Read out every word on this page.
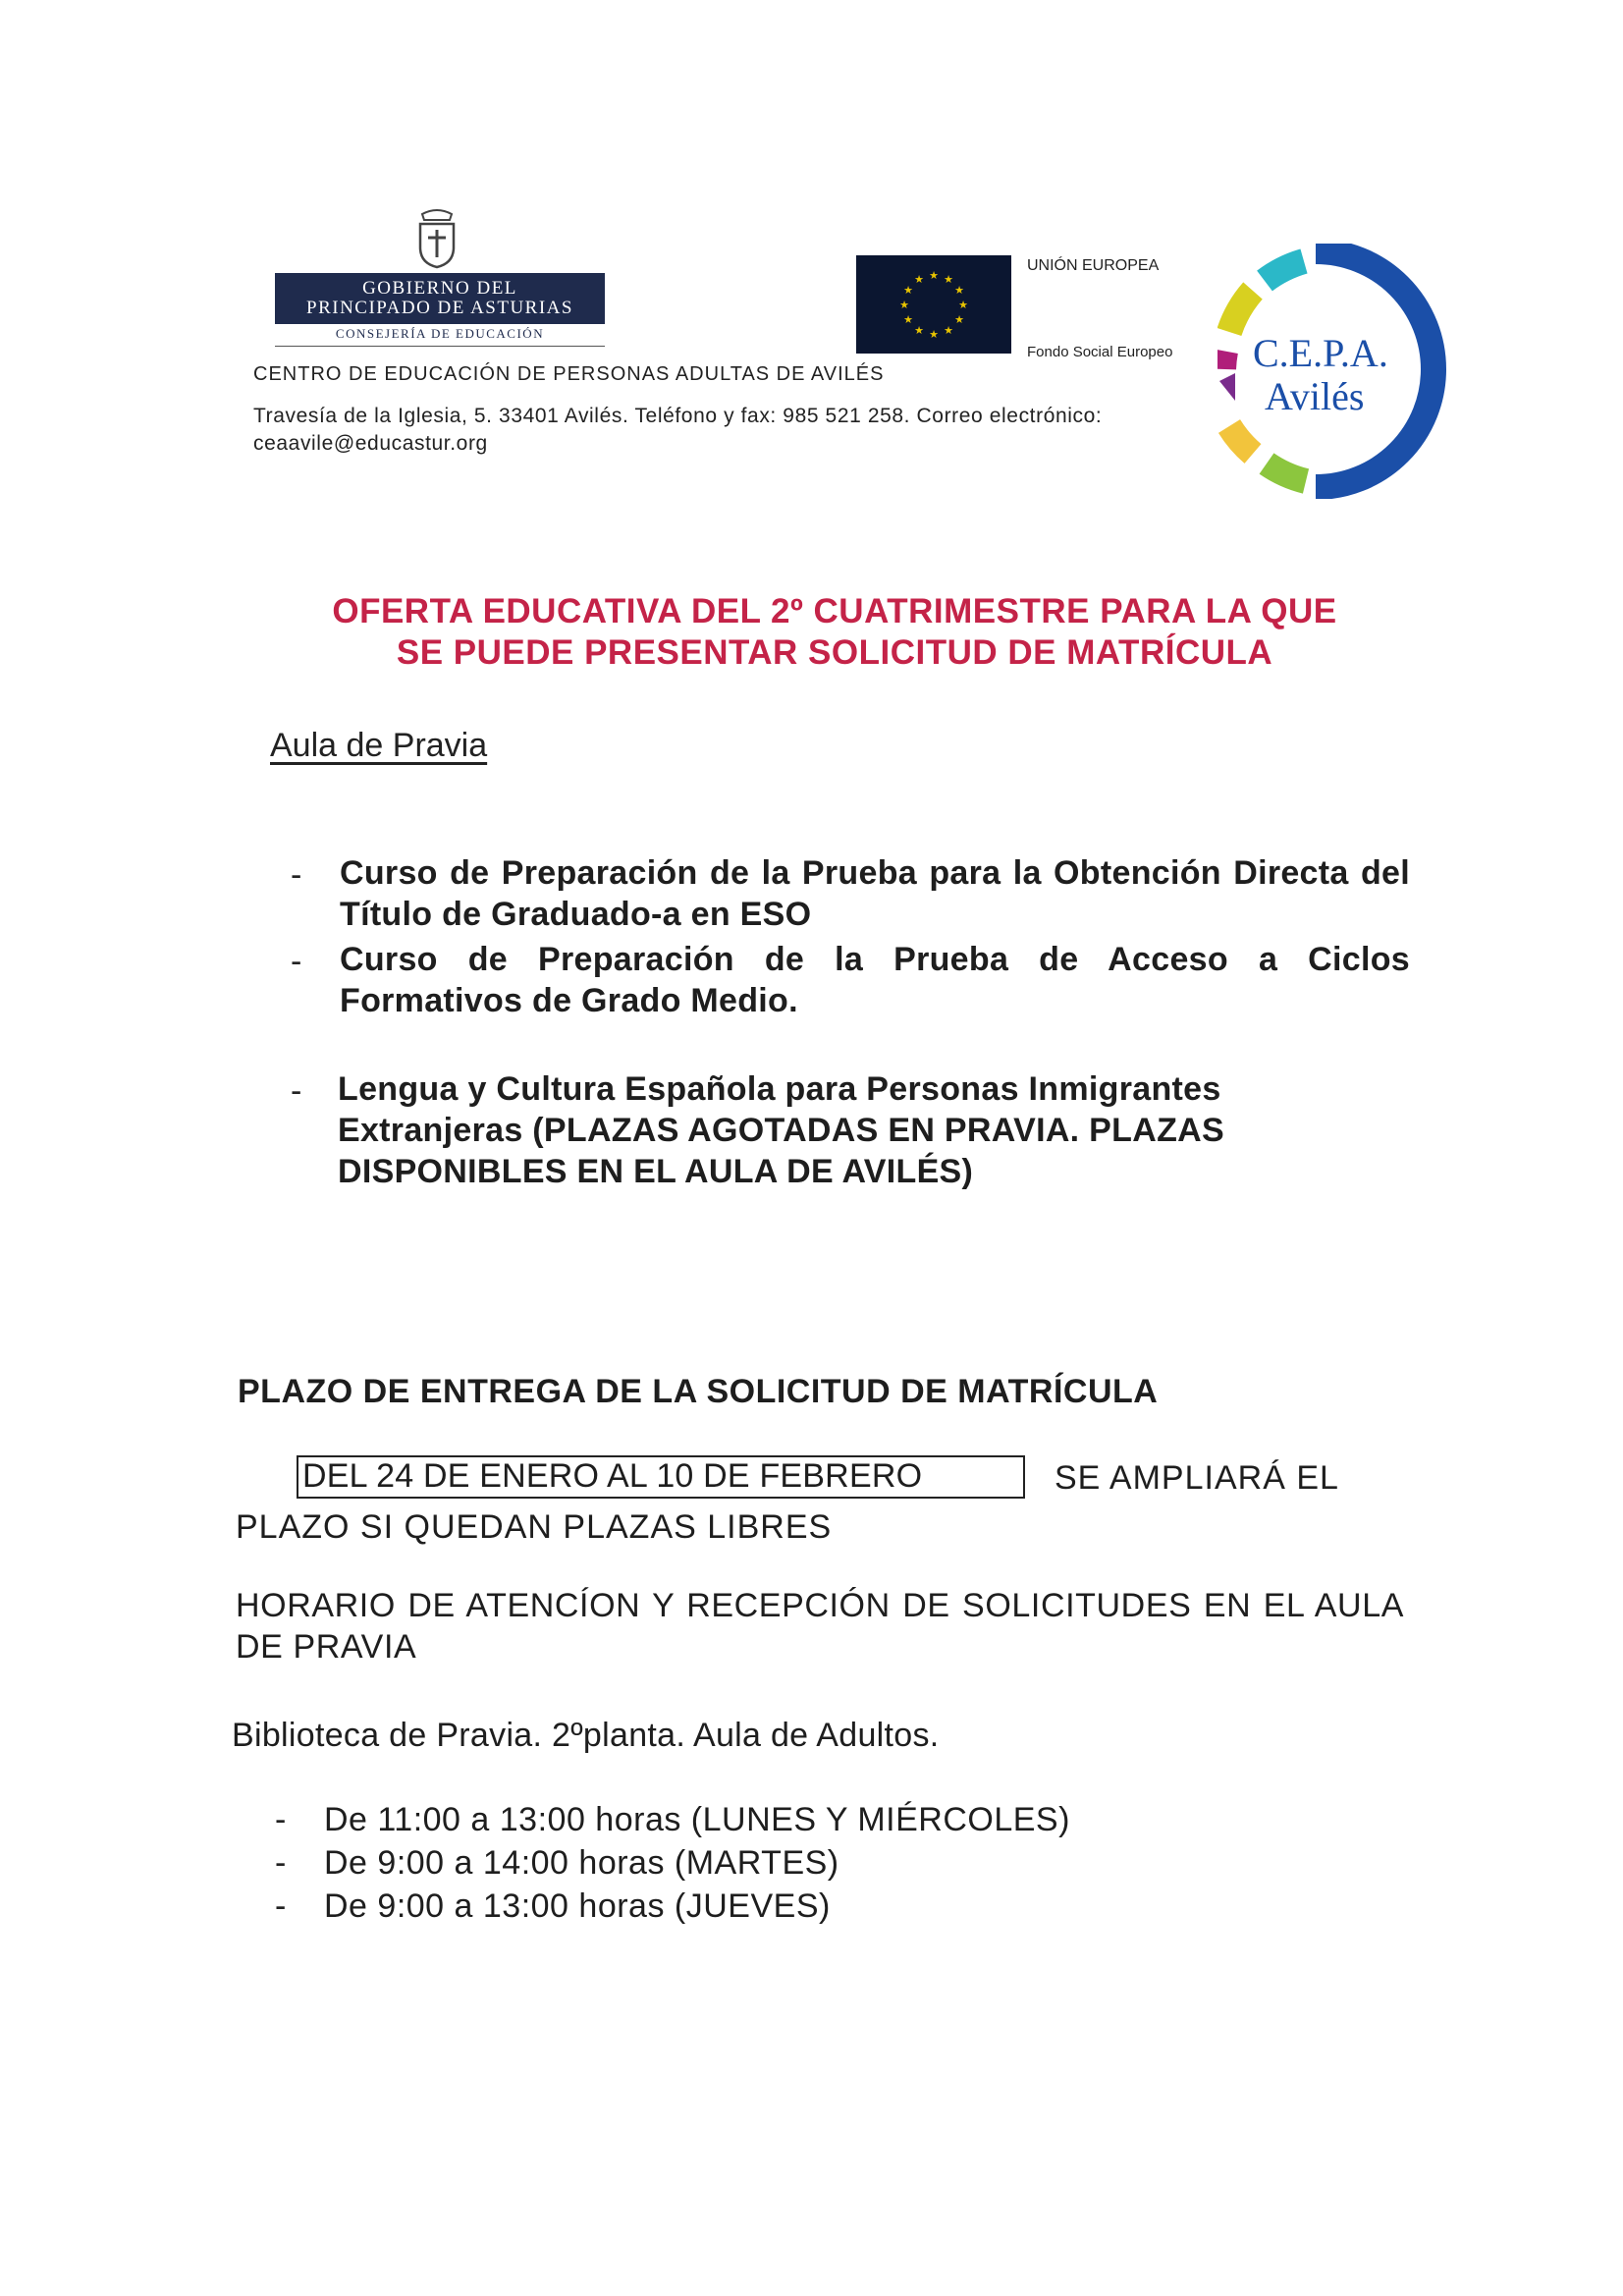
GOBIERNO DEL
PRINCIPADO DE ASTURIAS
CONSEJERÍA DE EDUCACIÓN
★ ★
★
★
★
★
★
★
★
★
★
★
UNIÓN EUROPEA
Fondo Social Europeo C.E.P.A.
Avilés
CENTRO DE EDUCACIÓN DE PERSONAS ADULTAS DE AVILÉS
Travesía de la Iglesia, 5. 33401 Avilés. Teléfono y fax: 985 521 258. Correo electrónico: ceaavile@educastur.org
OFERTA EDUCATIVA DEL 2º CUATRIMESTRE PARA LA QUE
SE PUEDE PRESENTAR SOLICITUD DE MATRÍCULA
Aula de Pravia
- Curso de Preparación de la Prueba para la Obtención Directa del Título de Graduado-a en ESO
- Curso de Preparación de la Prueba de Acceso a Ciclos Formativos de Grado Medio.
- Lengua y Cultura Española para Personas Inmigrantes Extranjeras (PLAZAS AGOTADAS EN PRAVIA. PLAZAS DISPONIBLES EN EL AULA DE AVILÉS)
PLAZO DE ENTREGA DE LA SOLICITUD DE MATRÍCULA
DEL 24 DE ENERO AL 10 DE FEBRERO	SE AMPLIARÁ EL
PLAZO SI QUEDAN PLAZAS LIBRES
HORARIO DE ATENCÍON Y RECEPCIÓN DE SOLICITUDES EN EL AULA DE PRAVIA
Biblioteca de Pravia. 2ºplanta. Aula de Adultos.
- De 11:00 a 13:00 horas (LUNES Y MIÉRCOLES)
- De 9:00 a 14:00 horas (MARTES)
- De 9:00 a 13:00 horas (JUEVES)
